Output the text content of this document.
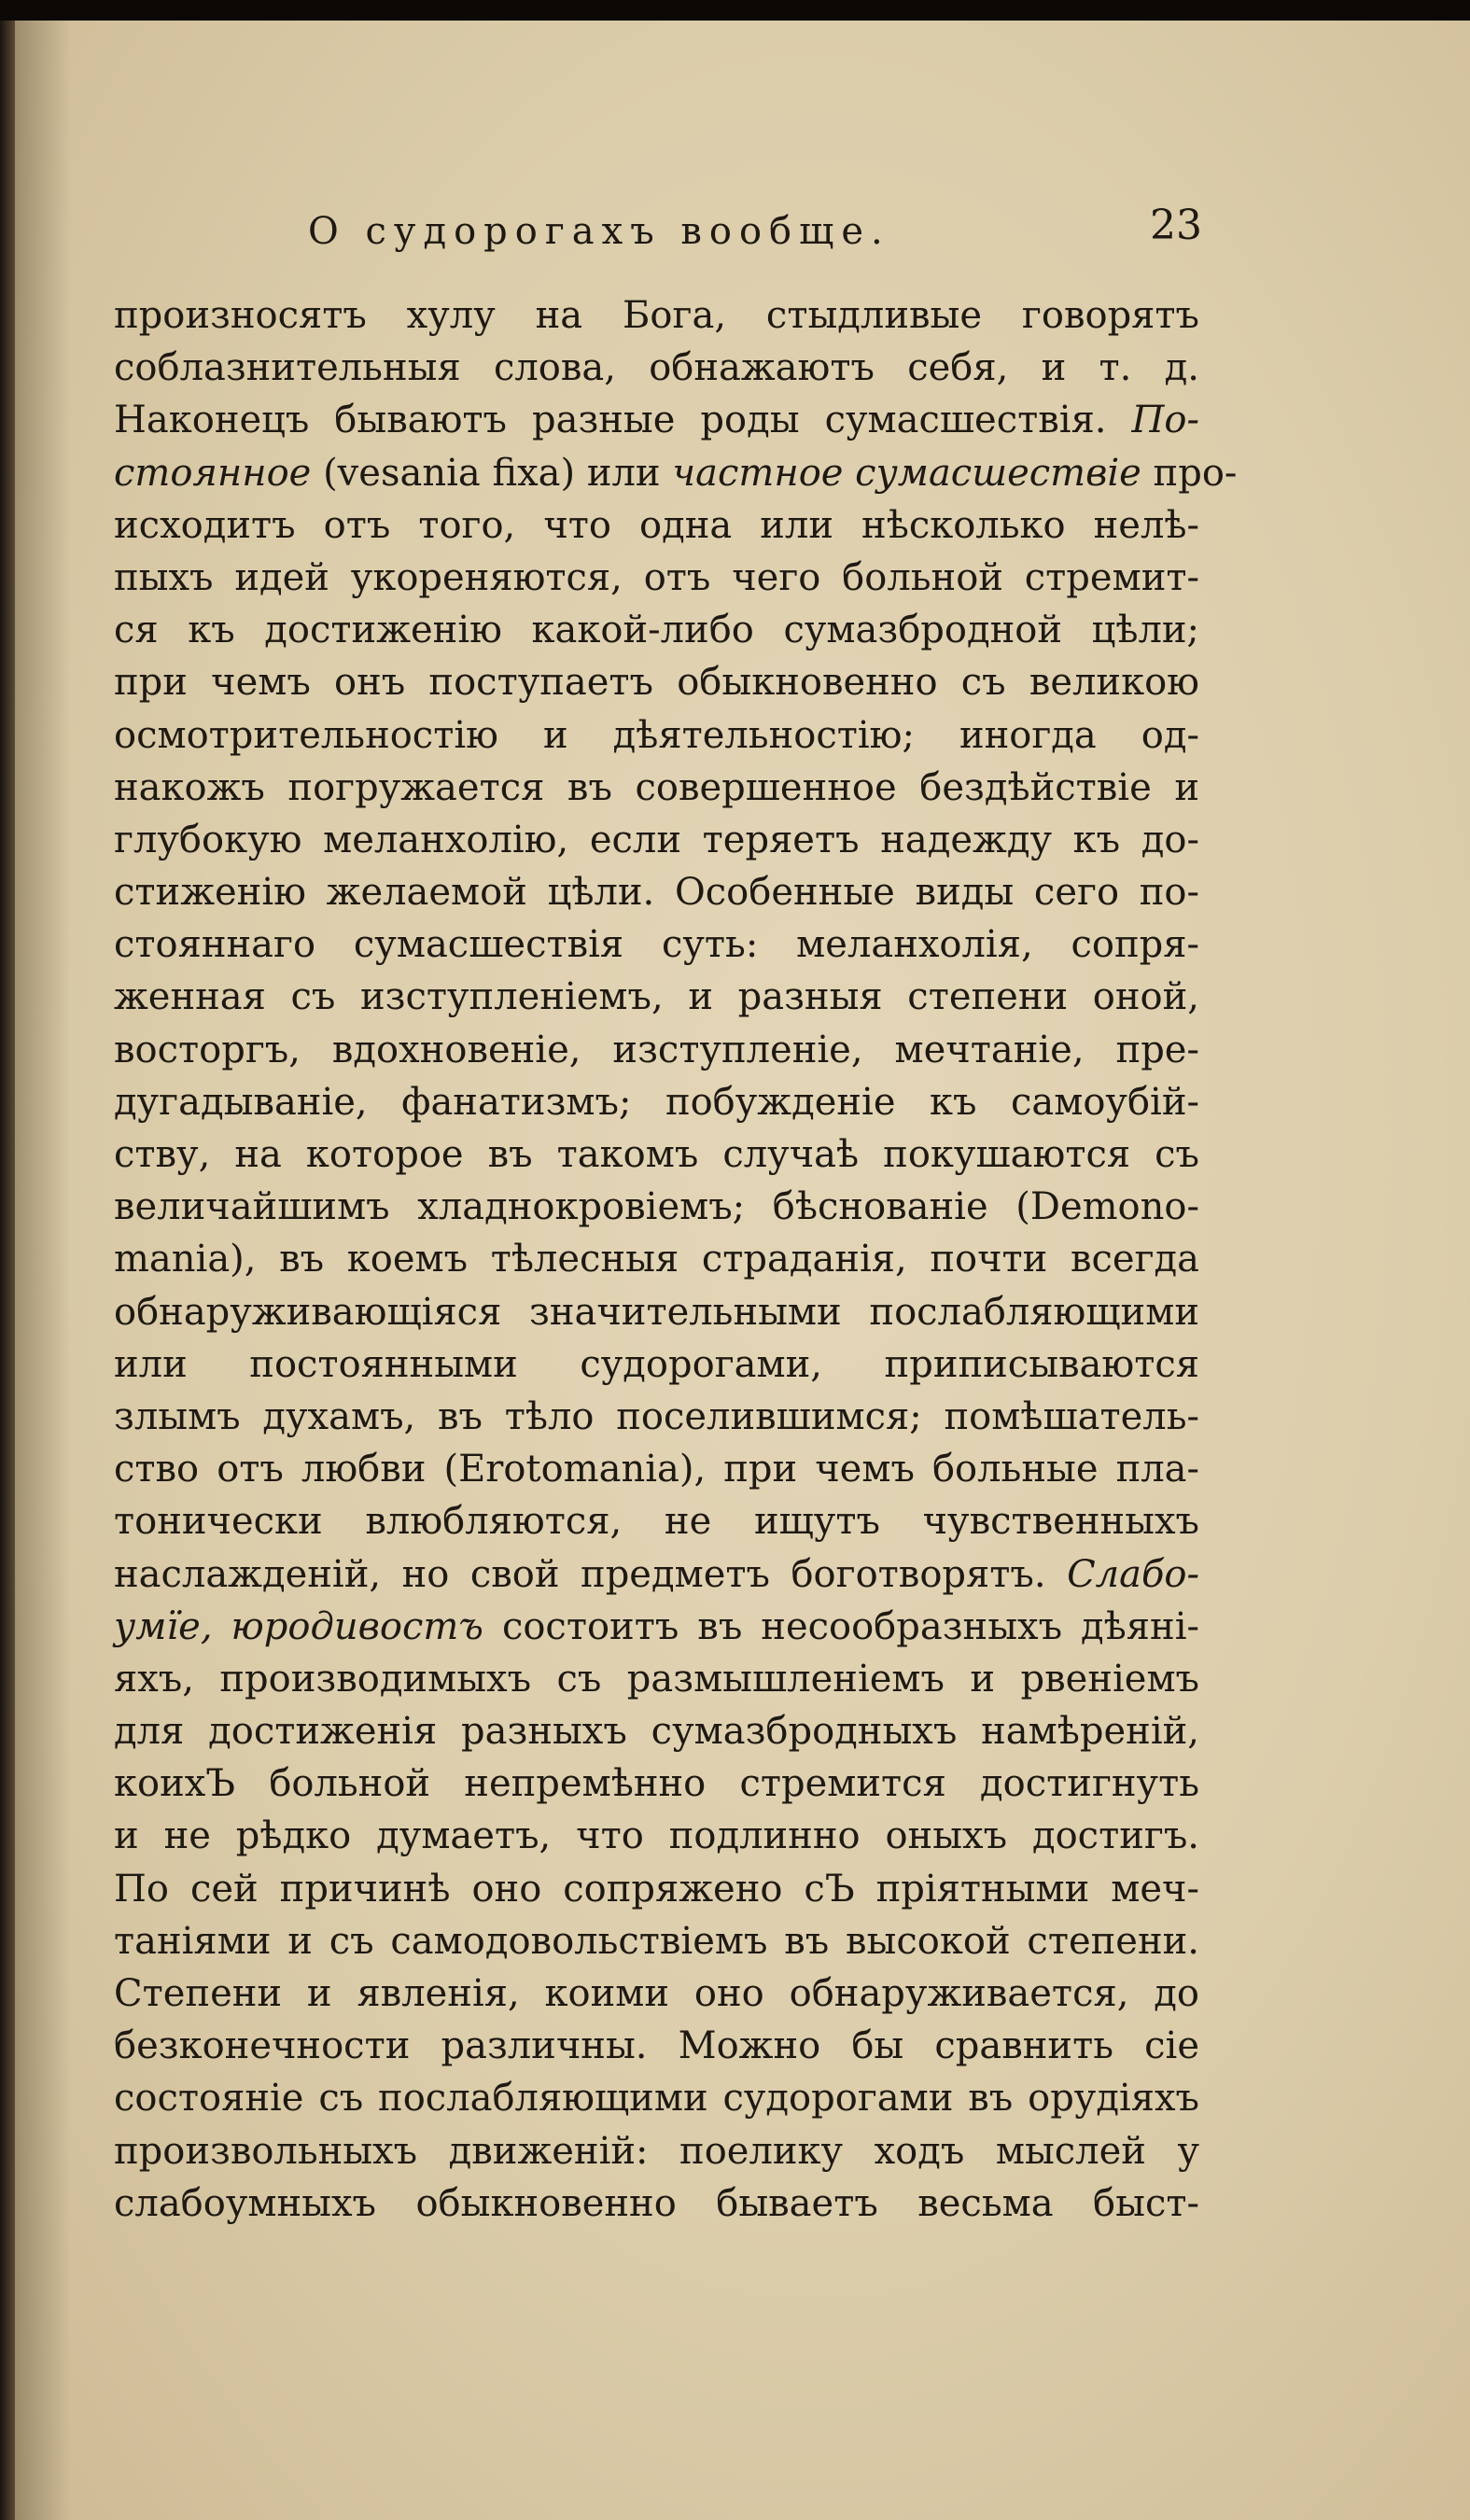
О судорогахъ вообще.	23
произносятъ хулу на Бога, стыдливые говорятъ
соблазнительныя слова, обнажаютъ себя, и т. д.
Наконецъ бываютъ разные роды сумасшествія. По-
стоянное (vesania fixa) или частное сумасшествіе про-
исходитъ отъ того, что одна или нѣсколько нелѣ-
пыхъ идей укореняются, отъ чего больной стремит-
ся къ достиженію какой-либо сумазбродной цѣли;
при чемъ онъ поступаетъ обыкновенно съ великою
осмотрительностію и дѣятельностію; иногда од-
накожъ погружается въ совершенное бездѣйствіе и
глубокую меланхолію, если теряетъ надежду къ до-
стиженію желаемой цѣли. Особенные виды сего по-
стояннаго сумасшествія суть: меланхолія, сопря-
женная съ изступленіемъ, и разныя степени оной,
восторгъ, вдохновеніе, изступленіе, мечтаніе, пре-
дугадываніе, фанатизмъ; побужденіе къ самоубій-
ству, на которое въ такомъ случаѣ покушаются съ
величайшимъ хладнокровіемъ; бѣснованіе (Demono-
mania), въ коемъ тѣлесныя страданія, почти всегда
обнаруживающіяся значительными послабляющими
или постоянными судорогами, приписываются
злымъ духамъ, въ тѣло поселившимся; помѣшатель-
ство отъ любви (Erotomania), при чемъ больные пла-
тонически влюбляются, не ищутъ чувственныхъ
наслажденій, но свой предметъ боготворятъ. Слабо-
умїе, юродивостъ состоитъ въ несообразныхъ дѣяні-
яхъ, производимыхъ съ размышленіемъ и рвеніемъ
для достиженія разныхъ сумазбродныхъ намѣреній,
коихЪ больной непремѣнно стремится достигнуть
и не рѣдко думаетъ, что подлинно оныхъ достигъ.
По сей причинѣ оно сопряжено сЪ пріятными меч-
таніями и съ самодовольствіемъ въ высокой степени.
Степени и явленія, коими оно обнаруживается, до
безконечности различны. Можно бы сравнить сіе
состояніе съ послабляющими судорогами въ орудіяхъ
произвольныхъ движеній: поелику ходъ мыслей у
слабоумныхъ обыкновенно бываетъ весьма быст-
